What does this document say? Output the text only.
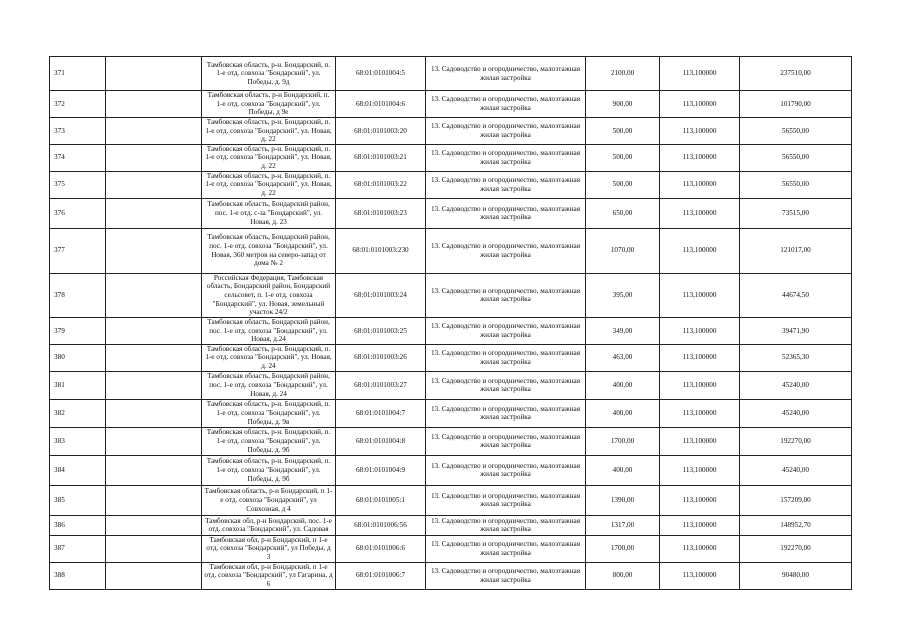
371		Тамбовская область, р-н. Бондарский, п. 1-е отд. совхоза "Бондарский", ул. Победы, д. 9д	68:01:0101004:5	13. Садоводство и огородничество, малоэтажная жилая застройка	2100,00	113,100000	237510,00
372		Тамбовская область, р-н Бондарский, п. 1-е отд. совхоза "Бондарский", ул. Победы, д 9е	68:01:0101004:6	13. Садоводство и огородничество, малоэтажная жилая застройка	900,00	113,100000	101790,00
373		Тамбовская область, р-н. Бондарский, п. 1-е отд. совхоза "Бондарский", ул. Новая, д. 22	68:01:0101003:20	13. Садоводство и огородничество, малоэтажная жилая застройка	500,00	113,100000	56550,00
374		Тамбовская область, р-н. Бондарский, п. 1-е отд. совхоза "Бондарский", ул. Новая, д. 22	68:01:0101003:21	13. Садоводство и огородничество, малоэтажная жилая застройка	500,00	113,100000	56550,00
375		Тамбовская область, р-н. Бондарский, п. 1-е отд. совхоза "Бондарский", ул. Новая, д. 22	68:01:0101003:22	13. Садоводство и огородничество, малоэтажная жилая застройка	500,00	113,100000	56550,00
376		Тамбовская область, Бондарский район, пос. 1-е отд. с-за "Бондарский", ул. Новая, д. 23	68:01:0101003:23	13. Садоводство и огородничество, малоэтажная жилая застройка	650,00	113,100000	73515,00
377		Тамбовская область, Бондарский район, пос. 1-е отд. совхоза "Бондарский", ул. Новая, 360 метров на северо-запад от дома № 2	68:01:0101003:230	13. Садоводство и огородничество, малоэтажная жилая застройка	1070,00	113,100000	121017,00
378		Российская Федерация, Тамбовская область, Бондарский район, Бондарский сельсовет, п. 1-е отд. совхоза "Бондарский", ул. Новая, земельный участок 24/2	68:01:0101003:24	13. Садоводство и огородничество, малоэтажная жилая застройка	395,00	113,100000	44674,50
379		Тамбовская область, Бондарский район, пос. 1-е отд. совхоза "Бондарский", ул. Новая, д.24	68:01:0101003:25	13. Садоводство и огородничество, малоэтажная жилая застройка	349,00	113,100000	39471,90
380		Тамбовская область, р-н. Бондарский, п. 1-е отд. совхоза "Бондарский", ул. Новая, д. 24	68:01:0101003:26	13. Садоводство и огородничество, малоэтажная жилая застройка	463,00	113,100000	52365,30
381		Тамбовская область, Бондарский район, пос. 1-е отд. совхоза "Бондарский", ул. Новая, д. 24	68:01:0101003:27	13. Садоводство и огородничество, малоэтажная жилая застройка	400,00	113,100000	45240,00
382		Тамбовская область, р-н. Бондарский, п. 1-е отд. совхоза "Бондарский", ул. Победы, д. 9в	68:01:0101004:7	13. Садоводство и огородничество, малоэтажная жилая застройка	400,00	113,100000	45240,00
383		Тамбовская область, р-н. Бондарский, п. 1-е отд. совхоза "Бондарский", ул. Победы, д. 9б	68:01:0101004:8	13. Садоводство и огородничество, малоэтажная жилая застройка	1700,00	113,100000	192270,00
384		Тамбовская область, р-н. Бондарский, п. 1-е отд. совхоза "Бондарский", ул. Победы, д. 9б	68:01:0101004:9	13. Садоводство и огородничество, малоэтажная жилая застройка	400,00	113,100000	45240,00
385		Тамбовская область, р-н Бондарский, п 1-е отд. совхоза "Бондарский", ул Совхозная, д 4	68:01:0101005:1	13. Садоводство и огородничество, малоэтажная жилая застройка	1390,00	113,100000	157209,00
386		Тамбовская обл, р-н Бондарский, пос. 1-е отд. совхоза "Бондарский", ул. Садовая	68:01:0101006:56	13. Садоводство и огородничество, малоэтажная жилая застройка	1317,00	113,100000	148952,70
387		Тамбовская обл, р-н Бондарский, п 1-е отд. совхоза "Бондарский", ул Победы, д 3	68:01:0101006:6	13. Садоводство и огородничество, малоэтажная жилая застройка	1700,00	113,100000	192270,00
388		Тамбовская обл, р-н Бондарский, п 1-е отд. совхоза "Бондарский", ул Гагарина, д 6	68:01:0101006:7	13. Садоводство и огородничество, малоэтажная жилая застройка	800,00	113,100000	90480,00
